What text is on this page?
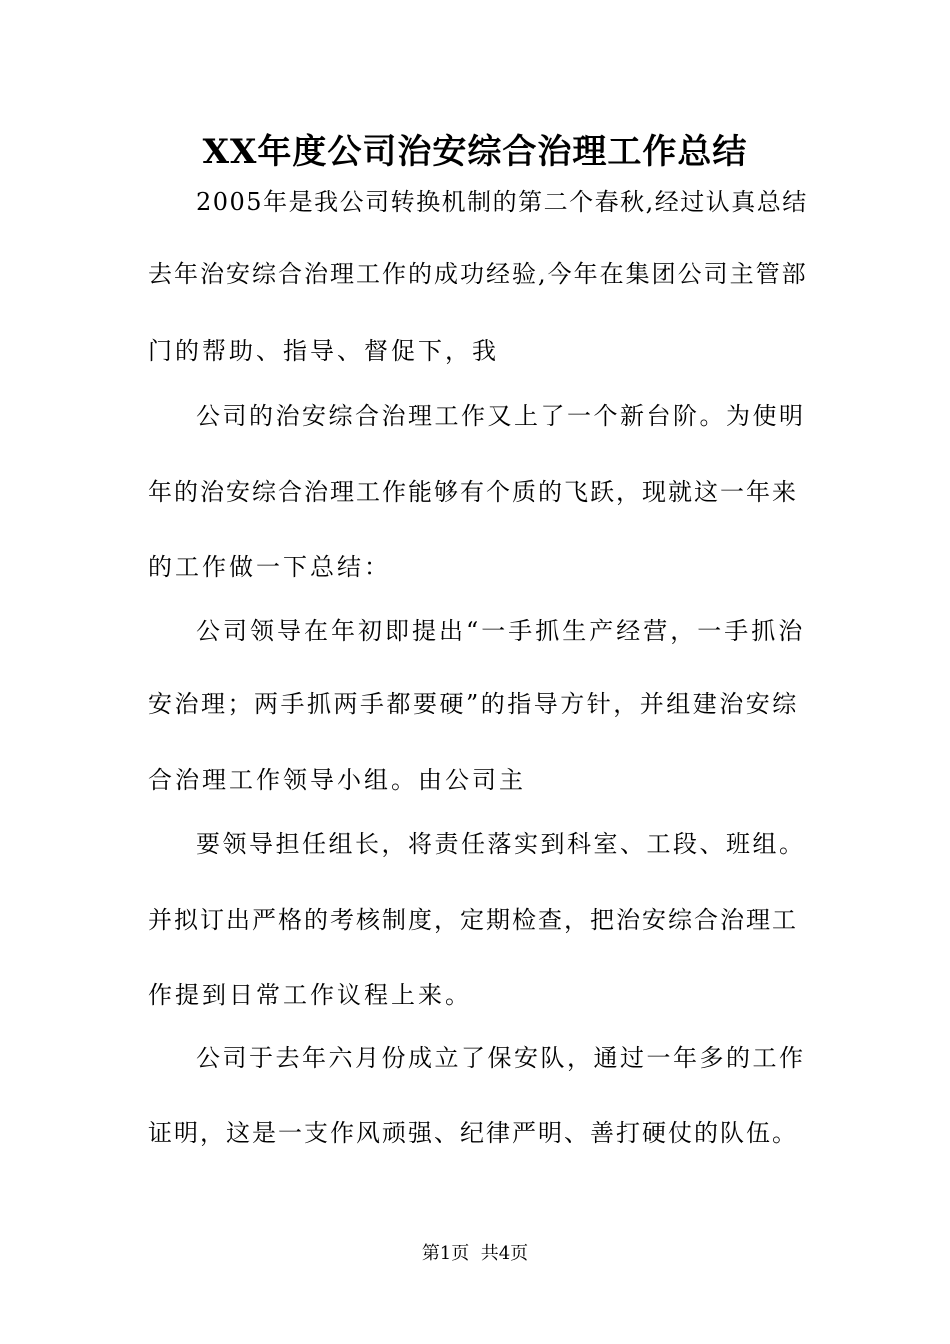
XX年度公司治安综合治理工作总结
2005年是我公司转换机制的第二个春秋,经过认真总结
去年治安综合治理工作的成功经验,今年在集团公司主管部
门的帮助、指导、督促下，我
公司的治安综合治理工作又上了一个新台阶。为使明
年的治安综合治理工作能够有个质的飞跃，现就这一年来
的工作做一下总结：
公司领导在年初即提出“一手抓生产经营，一手抓治
安治理；两手抓两手都要硬”的指导方针，并组建治安综
合治理工作领导小组。由公司主
要领导担任组长，将责任落实到科室、工段、班组。
并拟订出严格的考核制度，定期检查，把治安综合治理工
作提到日常工作议程上来。
公司于去年六月份成立了保安队，通过一年多的工作
证明，这是一支作风顽强、纪律严明、善打硬仗的队伍。
第1页  共4页
